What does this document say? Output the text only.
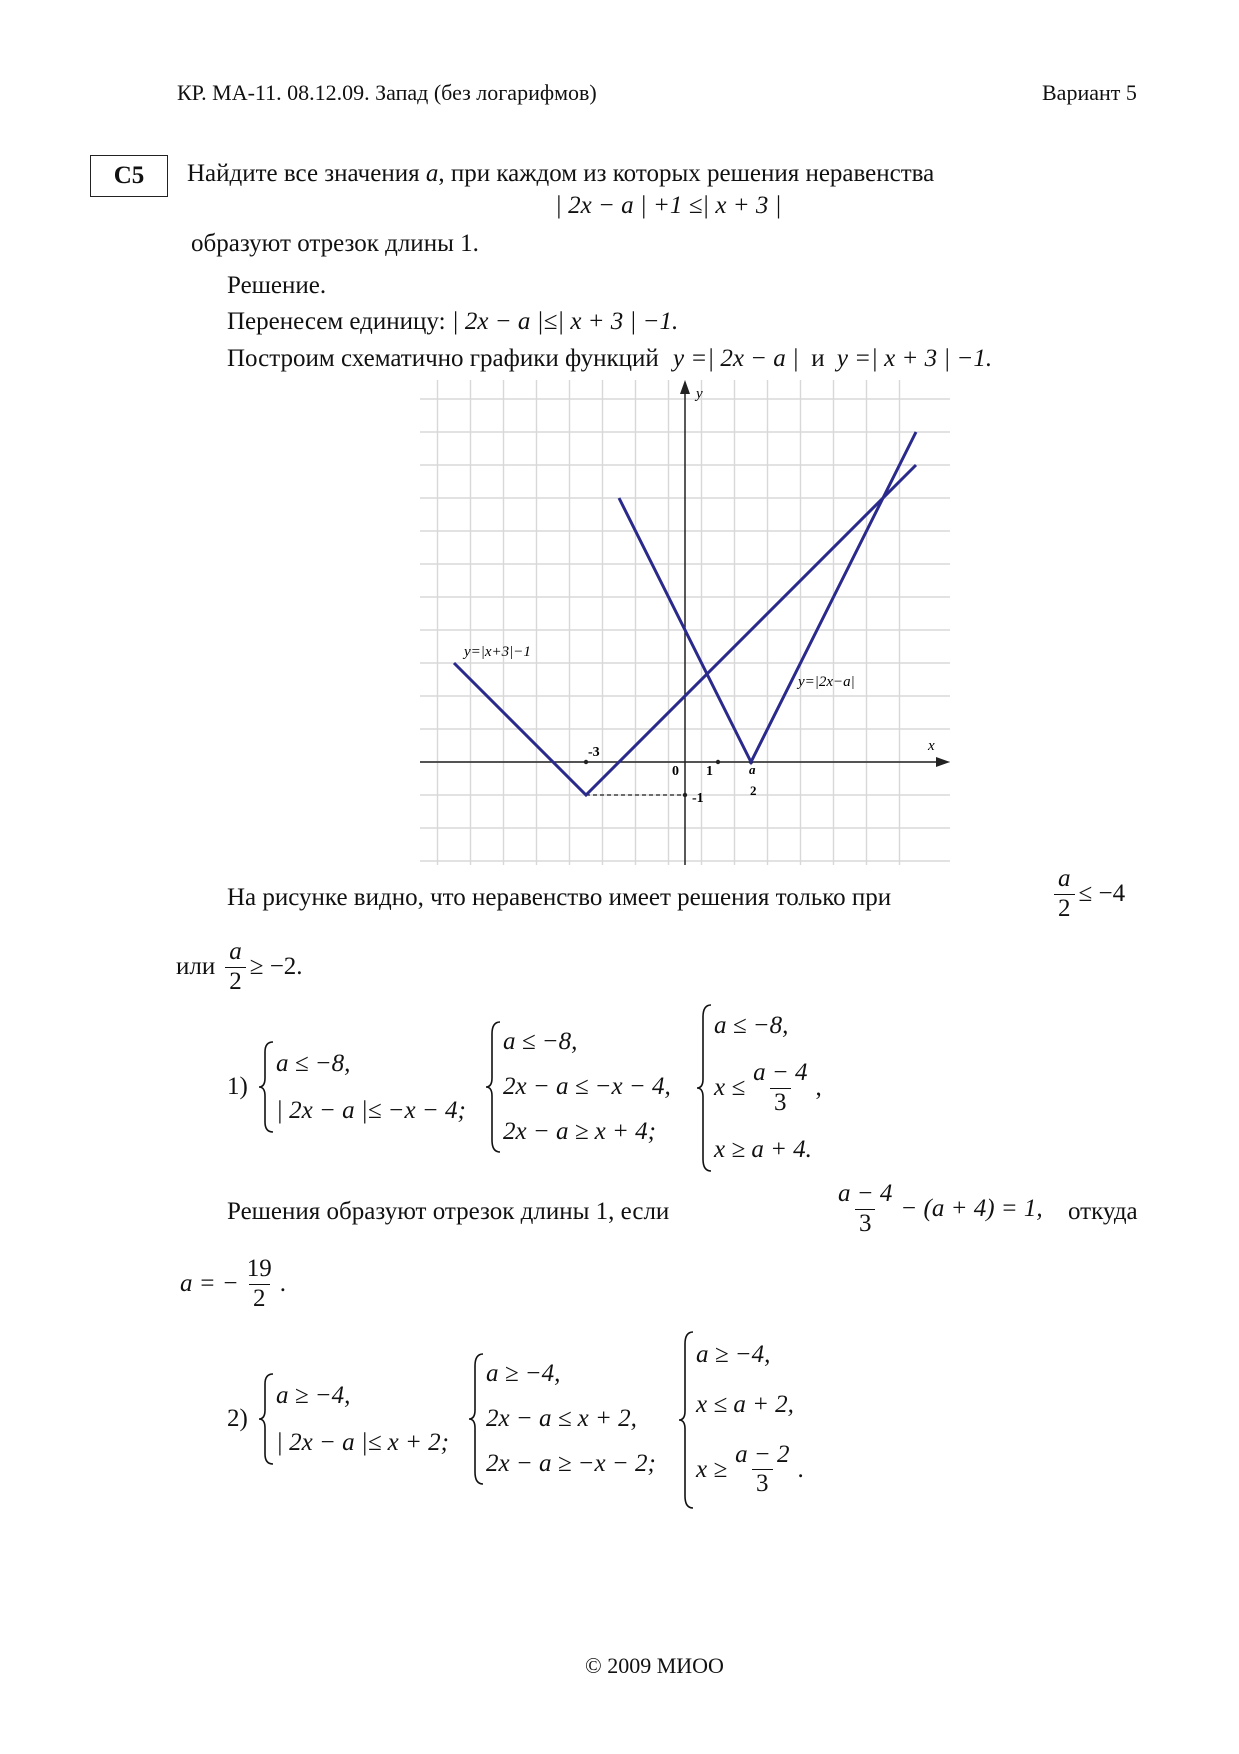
КР. МА-11. 08.12.09. Запад (без логарифмов)	Вариант 5
C5	Найдите все значения a, при каждом из которых решения неравенства
| 2x − a | +1 ≤| x + 3 |
образуют отрезок длины 1.
Решение.
Перенесем единицу: | 2x − a |≤| x + 3 | −1.
Построим схематично графики функций y =| 2x − a | и y =| x + 3 | −1.
x
y
y=|x+3|−1
y=|2x−a|
-3
0 1
-1
a
2
На рисунке видно, что неравенство имеет решения только при	$\frac{a}{2} \le -4$
или $\frac{a}{2} \ge -2$.
1)
a ≤ −8,
| 2x − a |≤ −x − 4;
a ≤ −8,
2x − a ≤ −x − 4,
2x − a ≥ x + 4;
a ≤ −8,
$x \le \frac{a - 4}{3}$ ,
x ≥ a + 4.
Решения образуют отрезок длины 1, если	$\frac{a - 4}{3} - (a + 4) = 1$, откуда
a = − $\frac{19}{2}$ .
2)
a ≥ −4,
| 2x − a |≤ x + 2;
a ≥ −4,
2x − a ≤ x + 2,
2x − a ≥ −x − 2;
a ≥ −4,
x ≤ a + 2,
$x \ge \frac{a - 2}{3}$ .
© 2009 МИОО
